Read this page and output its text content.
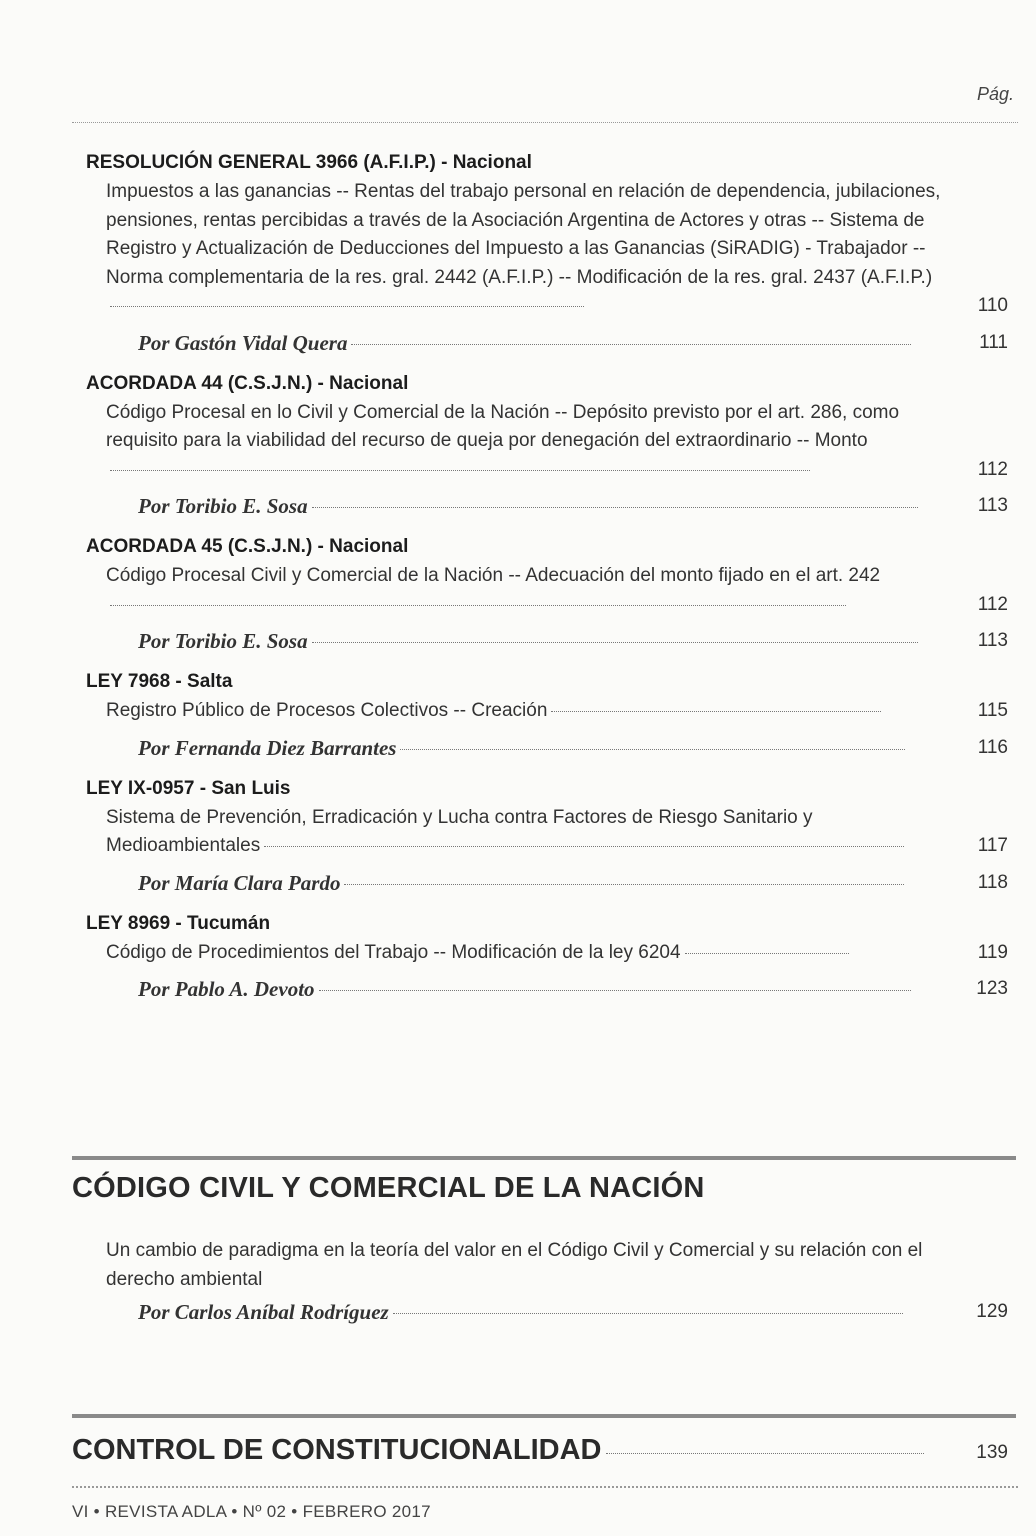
Pág.
RESOLUCIÓN GENERAL 3966 (A.F.I.P.) - Nacional
Impuestos a las ganancias -- Rentas del trabajo personal en relación de dependencia, jubilaciones, pensiones, rentas percibidas a través de la Asociación Argentina de Actores y otras -- Sistema de Registro y Actualización de Deducciones del Impuesto a las Ganancias (SiRADIG) - Trabajador -- Norma complementaria de la res. gral. 2442 (A.F.I.P.) -- Modificación de la res. gral. 2437 (A.F.I.P.)
110
Por Gastón Vidal Quera	111
ACORDADA 44 (C.S.J.N.) - Nacional
Código Procesal en lo Civil y Comercial de la Nación -- Depósito previsto por el art. 286, como requisito para la viabilidad del recurso de queja por denegación del extraordinario -- Monto
112
Por Toribio E. Sosa	113
ACORDADA 45 (C.S.J.N.) - Nacional
Código Procesal Civil y Comercial de la Nación -- Adecuación del monto fijado en el art. 242
112
Por Toribio E. Sosa	113
LEY 7968 - Salta
Registro Público de Procesos Colectivos -- Creación	115
Por Fernanda Diez Barrantes	116
LEY IX-0957 - San Luis
Sistema de Prevención, Erradicación y Lucha contra Factores de Riesgo Sanitario y Medioambientales	117
Por María Clara Pardo	118
LEY 8969 - Tucumán
Código de Procedimientos del Trabajo -- Modificación de la ley 6204	119
Por Pablo A. Devoto	123
CÓDIGO CIVIL Y COMERCIAL DE LA NACIÓN
Un cambio de paradigma en la teoría del valor en el Código Civil y Comercial y su relación con el derecho ambiental
Por Carlos Aníbal Rodríguez	129
CONTROL DE CONSTITUCIONALIDAD	139
VI • REVISTA ADLA • Nº 02 • FEBRERO 2017
